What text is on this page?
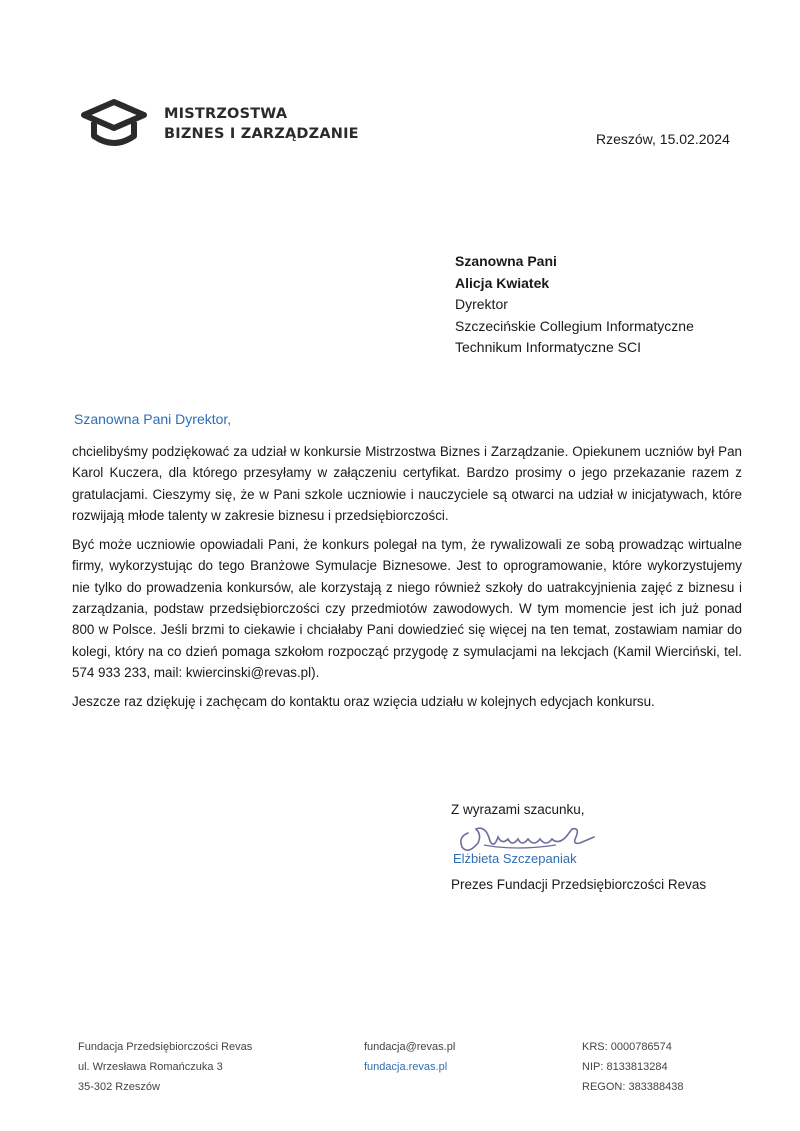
MISTRZOSTWA
BIZNES I ZARZĄDZANIE	Rzeszów, 15.02.2024
Szanowna Pani
Alicja Kwiatek
Dyrektor
Szczecińskie Collegium Informatyczne
Technikum Informatyczne SCI
Szanowna Pani Dyrektor,

chcielibyśmy podziękować za udział w konkursie Mistrzostwa Biznes i Zarządzanie. Opiekunem uczniów był Pan Karol Kuczera, dla którego przesyłamy w załączeniu certyfikat. Bardzo prosimy o jego przekazanie razem z gratulacjami. Cieszymy się, że w Pani szkole uczniowie i nauczyciele są otwarci na udział w inicjatywach, które rozwijają młode talenty w zakresie biznesu i przedsiębiorczości.

Być może uczniowie opowiadali Pani, że konkurs polegał na tym, że rywalizowali ze sobą prowadząc wirtualne firmy, wykorzystując do tego Branżowe Symulacje Biznesowe. Jest to oprogramowanie, które wykorzystujemy nie tylko do prowadzenia konkursów, ale korzystają z niego również szkoły do uatrakcyjnienia zajęć z biznesu i zarządzania, podstaw przedsiębiorczości czy przedmiotów zawodowych. W tym momencie jest ich już ponad 800 w Polsce. Jeśli brzmi to ciekawie i chciałaby Pani dowiedzieć się więcej na ten temat, zostawiam namiar do kolegi, który na co dzień pomaga szkołom rozpocząć przygodę z symulacjami na lekcjach (Kamil Wierciński, tel. 574 933 233, mail: kwiercinski@revas.pl).

Jeszcze raz dziękuję i zachęcam do kontaktu oraz wzięcia udziału w kolejnych edycjach konkursu.

Z wyrazami szacunku,
Elżbieta Szczepaniak
Prezes Fundacji Przedsiębiorczości Revas
Fundacja Przedsiębiorczości Revas
ul. Wrzesława Romańczuka 3
35-302 Rzeszów
fundacja@revas.pl
fundacja.revas.pl
KRS: 0000786574
NIP: 8133813284
REGON: 383388438
